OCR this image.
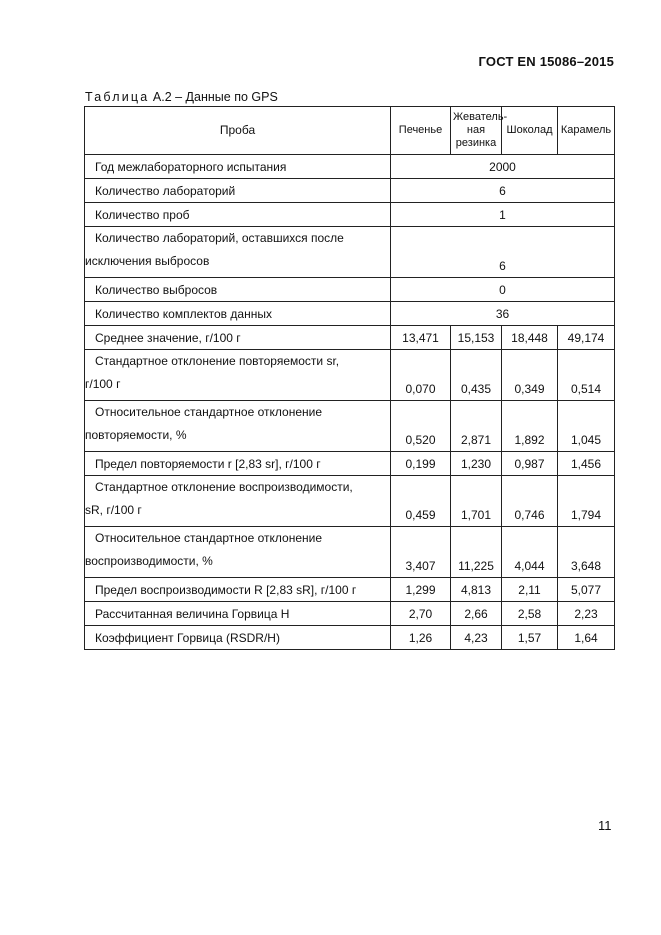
ГОСТ EN 15086–2015
Таблица А.2 – Данные по GPS
Проба	Печенье	Жеватель-ная резинка	Шоколад	Карамель
Год межлабораторного испытания	2000			
Количество лабораторий	6			
Количество проб	1			

Количество лабораторий, оставшихся после
исключения выбросов	6			
Количество выбросов	0			
Количество комплектов данных	36			
Среднее значение, г/100 г	13,471	15,153	18,448	49,174

Стандартное отклонение повторяемости sr,
г/100 г	0,070	0,435	0,349	0,514

Относительное стандартное отклонение
повторяемости, %	0,520	2,871	1,892	1,045
Предел повторяемости r [2,83 sr], г/100 г	0,199	1,230	0,987	1,456

Стандартное отклонение воспроизводимости,
sR, г/100 г	0,459	1,701	0,746	1,794

Относительное стандартное отклонение
воспроизводимости, %	3,407	11,225	4,044	3,648
Предел воспроизводимости R [2,83 sR], г/100 г	1,299	4,813	2,11	5,077
Рассчитанная величина Горвица H	2,70	2,66	2,58	2,23
Коэффициент Горвица (RSDR/H)	1,26	4,23	1,57	1,64
11
